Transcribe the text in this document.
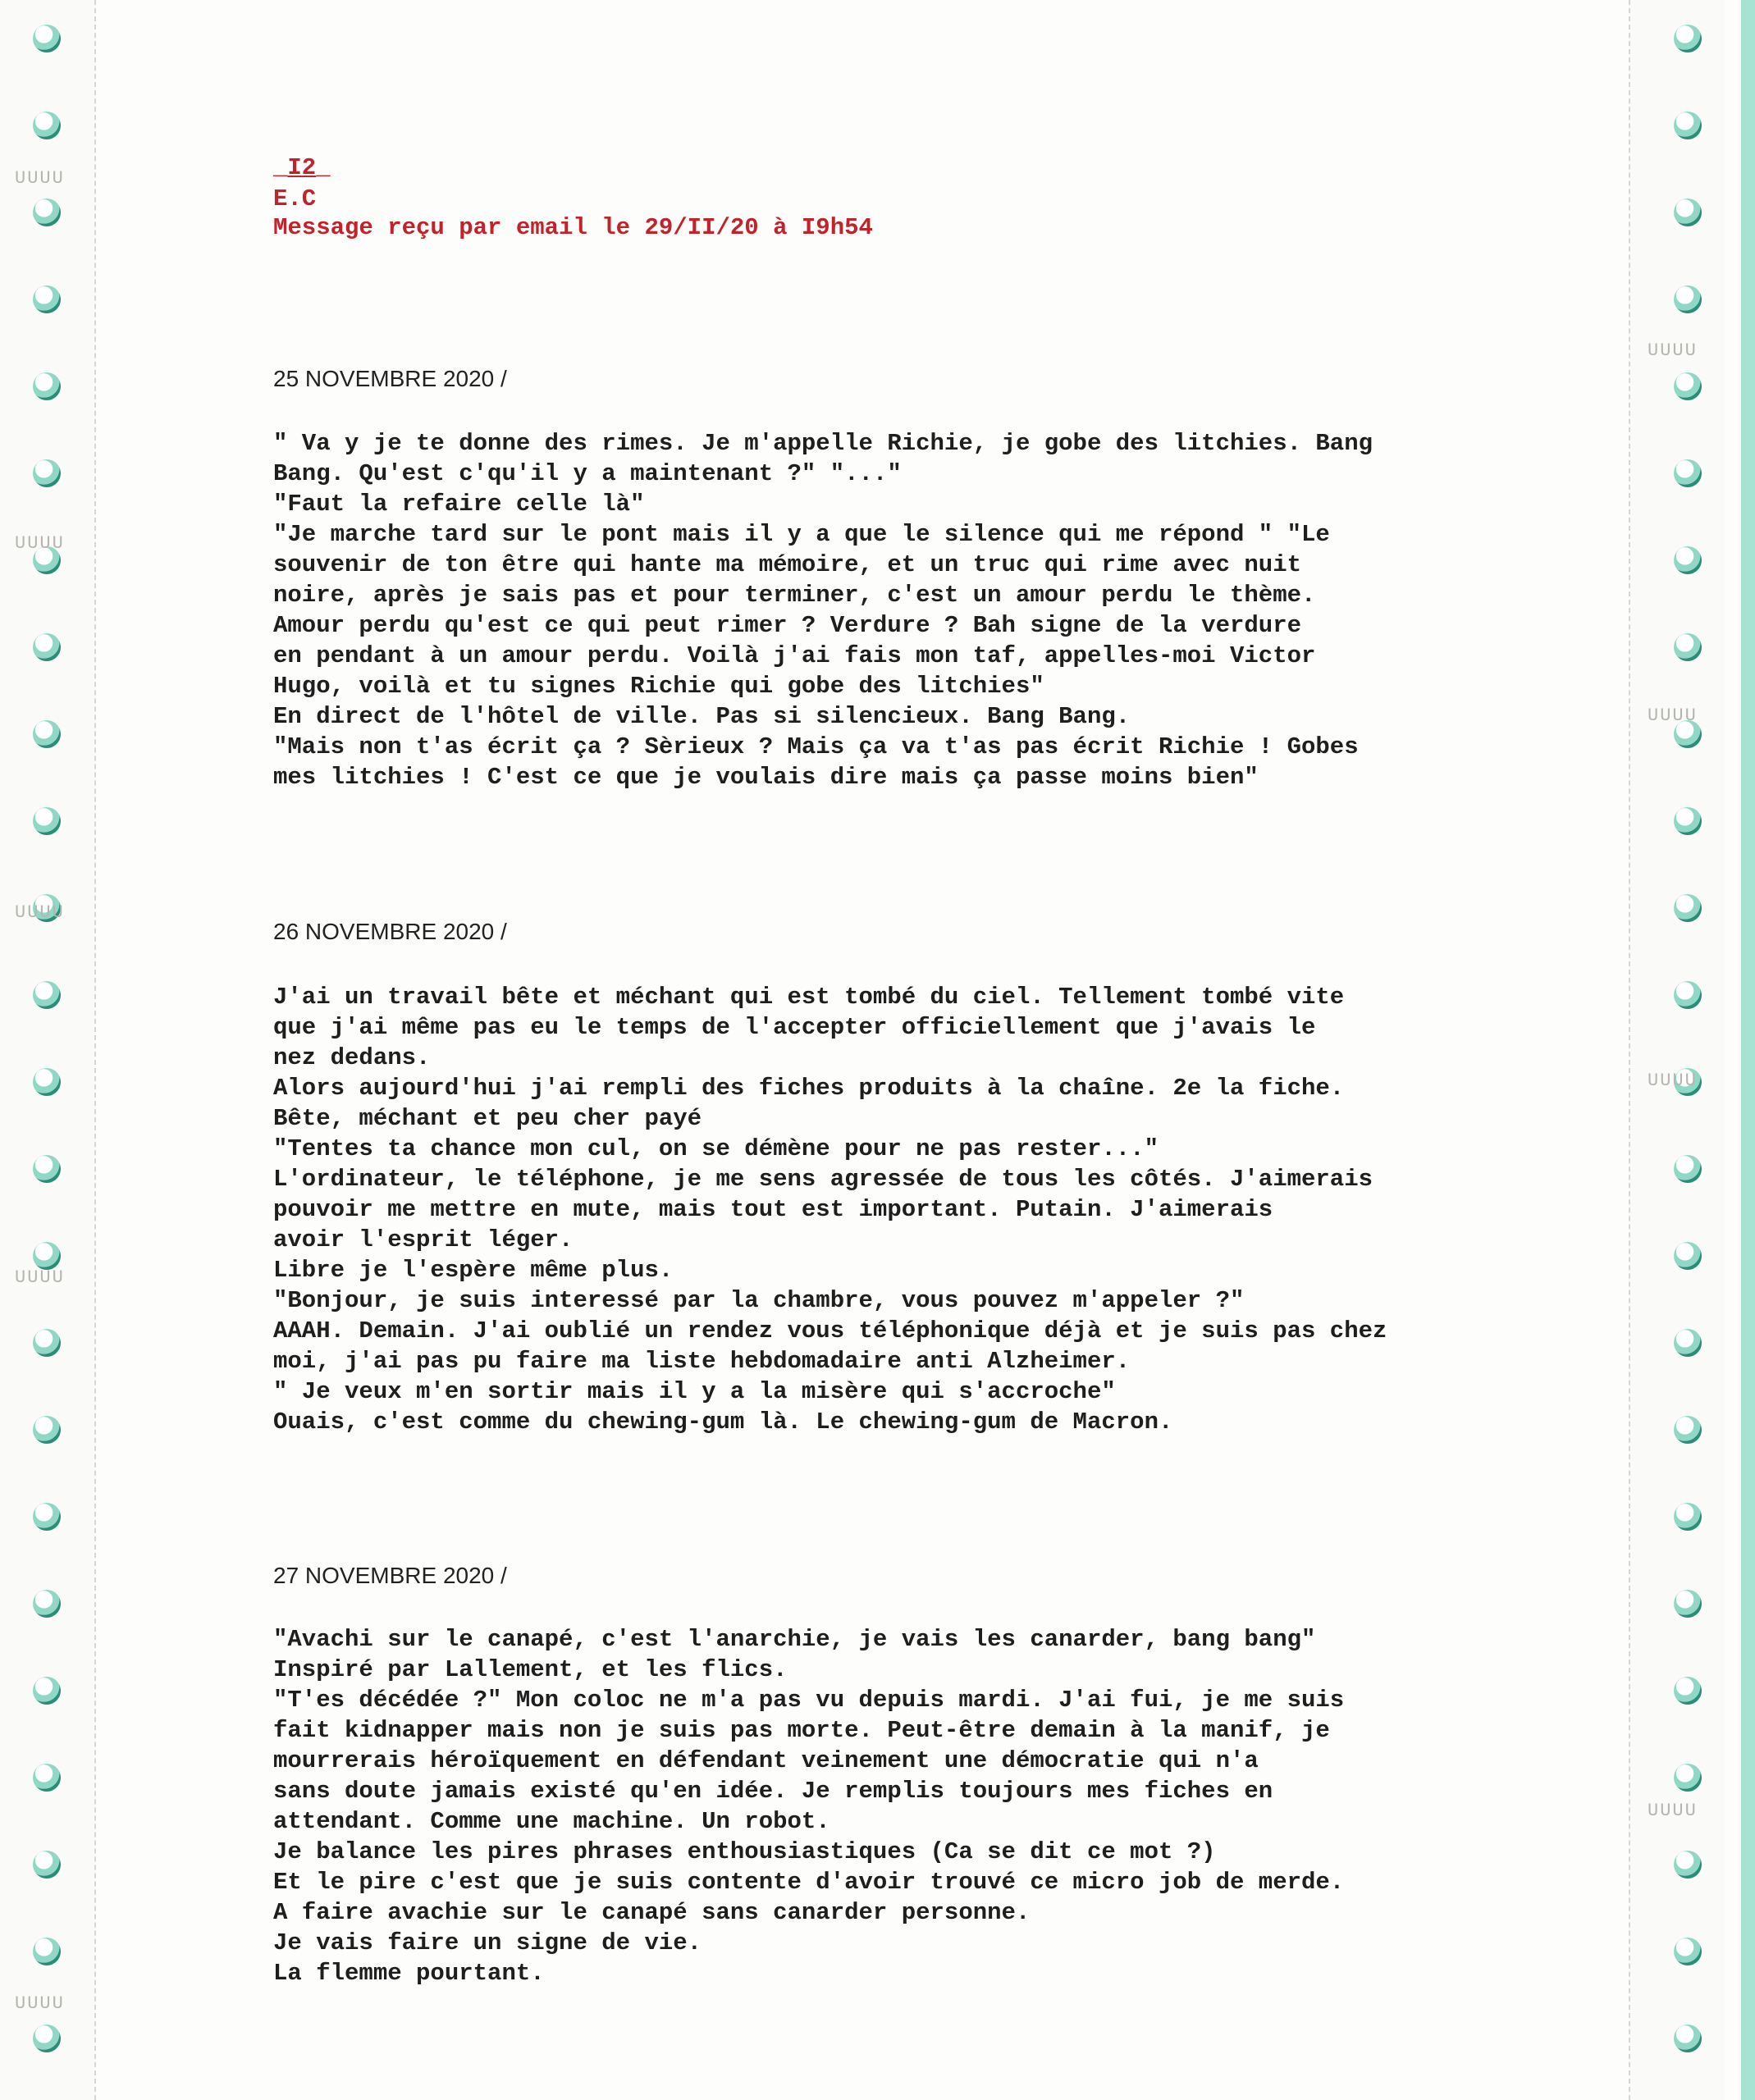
UUUU
UUUU
UUUU
UUUU
UUUU
UUUU
UUUU
UUUU
UUUU
_I2_
E.C
Message reçu par email le 29/II/20 à I9h54
25 NOVEMBRE 2020 /

" Va y je te donne des rimes. Je m'appelle Richie, je gobe des litchies. Bang

Bang. Qu'est c'qu'il y a maintenant ?" "..."

"Faut la refaire celle là"

"Je marche tard sur le pont mais il y a que le silence qui me répond " "Le

souvenir de ton être qui hante ma mémoire, et un truc qui rime avec nuit

noire, après je sais pas et pour terminer, c'est un amour perdu le thème.

Amour perdu qu'est ce qui peut rimer ? Verdure ? Bah signe de la verdure

en pendant à un amour perdu. Voilà j'ai fais mon taf, appelles-moi Victor

Hugo, voilà et tu signes Richie qui gobe des litchies"

En direct de l'hôtel de ville. Pas si silencieux. Bang Bang.

"Mais non t'as écrit ça ? Sèrieux ? Mais ça va t'as pas écrit Richie ! Gobes

mes litchies ! C'est ce que je voulais dire mais ça passe moins bien"

26 NOVEMBRE 2020 /

J'ai un travail bête et méchant qui est tombé du ciel. Tellement tombé vite

que j'ai même pas eu le temps de l'accepter officiellement que j'avais le

nez dedans.

Alors aujourd'hui j'ai rempli des fiches produits à la chaîne. 2e la fiche.

Bête, méchant et peu cher payé

"Tentes ta chance mon cul, on se démène pour ne pas rester..."

L'ordinateur, le téléphone, je me sens agressée de tous les côtés. J'aimerais

pouvoir me mettre en mute, mais tout est important. Putain. J'aimerais

avoir l'esprit léger.

Libre je l'espère même plus.

"Bonjour, je suis interessé par la chambre, vous pouvez m'appeler ?"

AAAH. Demain. J'ai oublié un rendez vous téléphonique déjà et je suis pas chez

moi, j'ai pas pu faire ma liste hebdomadaire anti Alzheimer.

" Je veux m'en sortir mais il y a la misère qui s'accroche"

Ouais, c'est comme du chewing-gum là. Le chewing-gum de Macron.

27 NOVEMBRE 2020 /

"Avachi sur le canapé, c'est l'anarchie, je vais les canarder, bang bang"

Inspiré par Lallement, et les flics.

"T'es décédée ?" Mon coloc ne m'a pas vu depuis mardi. J'ai fui, je me suis

fait kidnapper mais non je suis pas morte. Peut-être demain à la manif, je

mourrerais héroïquement en défendant veinement une démocratie qui n'a

sans doute jamais existé qu'en idée. Je remplis toujours mes fiches en

attendant. Comme une machine. Un robot.

Je balance les pires phrases enthousiastiques (Ca se dit ce mot ?)

Et le pire c'est que je suis contente d'avoir trouvé ce micro job de merde.

A faire avachie sur le canapé sans canarder personne.

Je vais faire un signe de vie.

La flemme pourtant.
